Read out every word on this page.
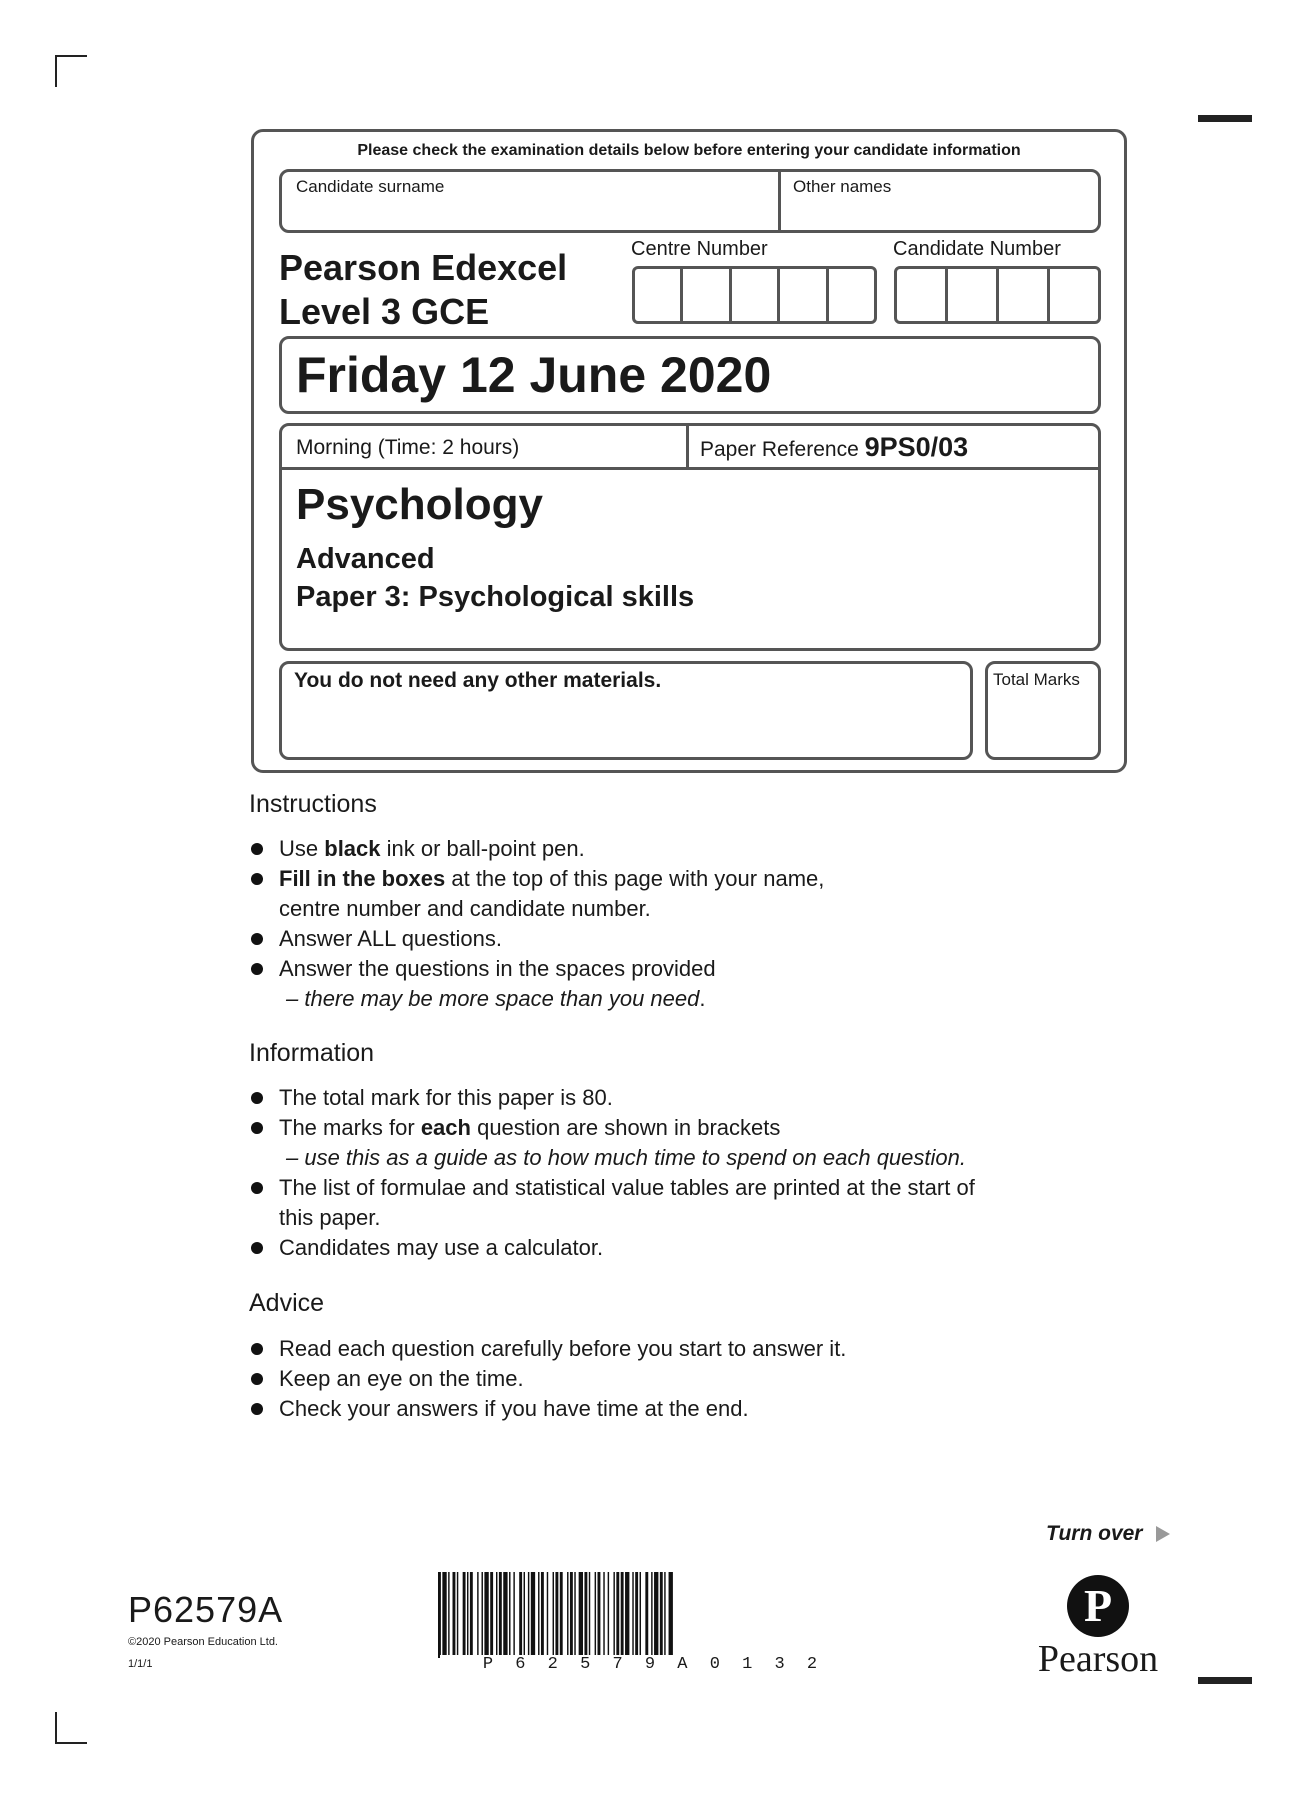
Please check the examination details below before entering your candidate information
Candidate surname	Other names
Pearson Edexcel
Level 3 GCE
Centre Number	Candidate Number
Friday 12 June 2020
Morning (Time: 2 hours)	Paper Reference 9PS0/03
Psychology
Advanced
Paper 3: Psychological skills
You do not need any other materials.	Total Marks
Instructions
Use black ink or ball-point pen.
Fill in the boxes at the top of this page with your name,
centre number and candidate number.
Answer ALL questions.
Answer the questions in the spaces provided
– there may be more space than you need.
Information
The total mark for this paper is 80.
The marks for each question are shown in brackets
– use this as a guide as to how much time to spend on each question.
The list of formulae and statistical value tables are printed at the start of
this paper.
Candidates may use a calculator.
Advice
Read each question carefully before you start to answer it.
Keep an eye on the time.
Check your answers if you have time at the end.
Turn over
P62579A
©2020 Pearson Education Ltd.
1/1/1	P 6 2 5 7 9 A 0 1 3 2
P
Pearson
